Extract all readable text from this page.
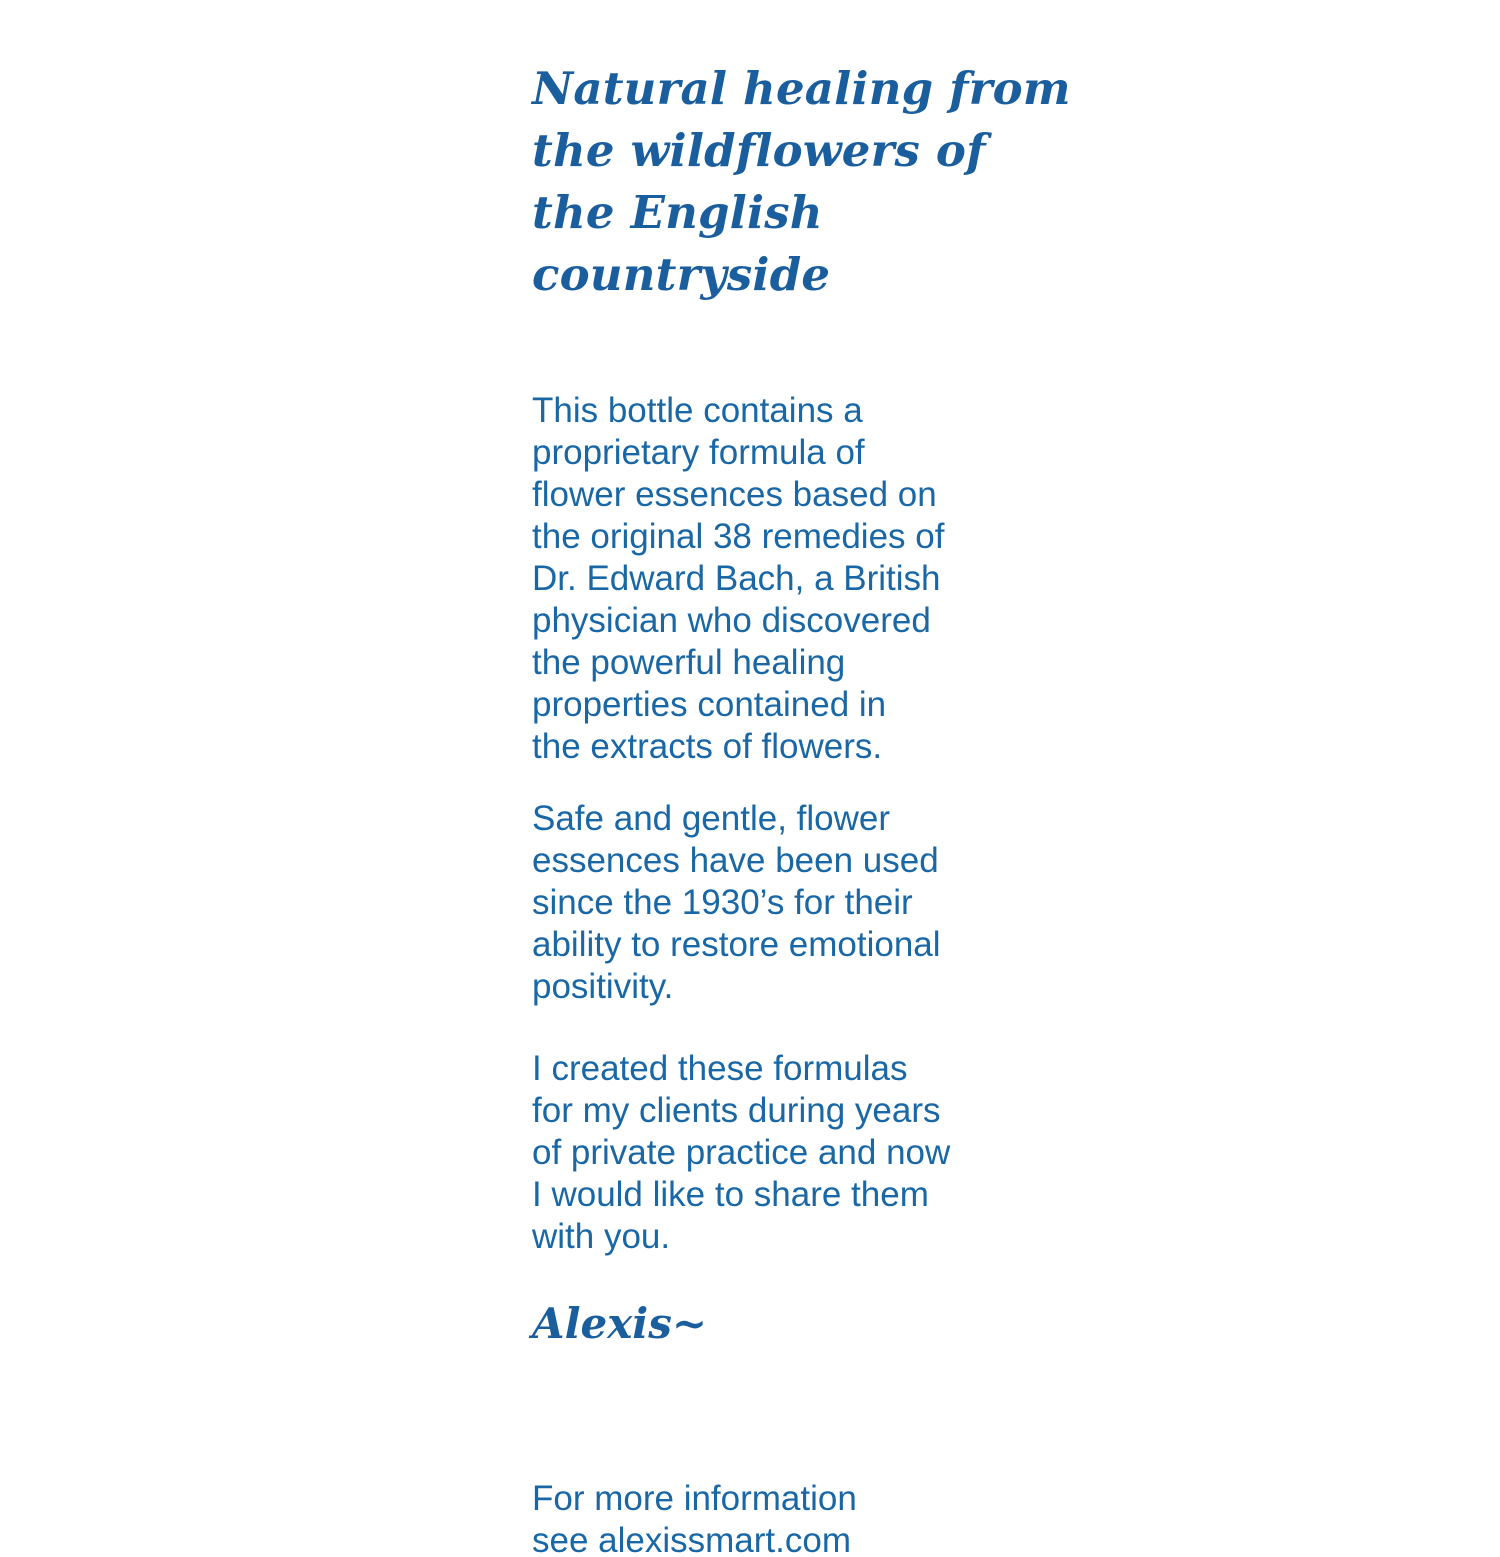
Natural healing from
the wildflowers of
the English countryside

This bottle contains a
proprietary formula of
flower essences based on
the original 38 remedies of
Dr. Edward Bach, a British
physician who discovered
the powerful healing
properties contained in
the extracts of flowers.

Safe and gentle, flower
essences have been used
since the 1930’s for their
ability to restore emotional
positivity.

I created these formulas
for my clients during years
of private practice and now
I would like to share them
with you.

Alexis~

For more information
see alexissmart.com
